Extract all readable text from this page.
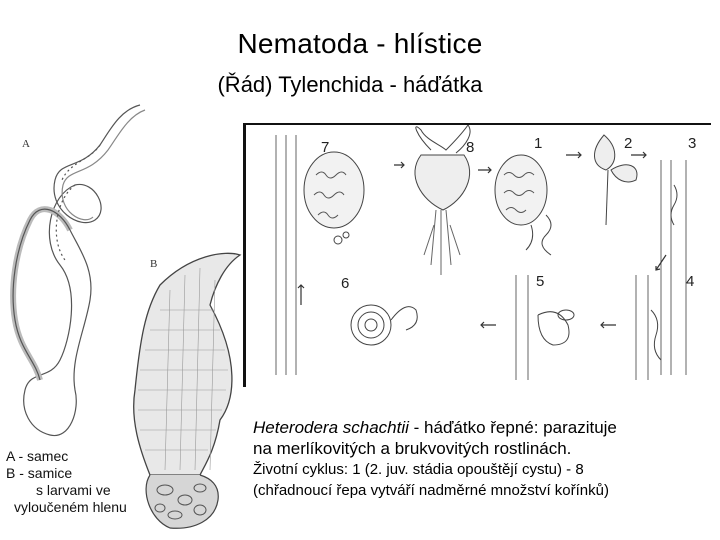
Nematoda - hlístice
(Řád) Tylenchida - háďátka
A
B
7	8	1	2	3
6	5	4
A - samec
B - samice
s larvami ve
vyloučeném hlenu
Heterodera schachtii - háďátko řepné: parazituje
na merlíkovitých a brukvovitých rostlinách.
Životní cyklus: 1 (2. juv. stádia opouštějí cystu) - 8
(chřadnoucí řepa vytváří nadměrné množství kořínků)
